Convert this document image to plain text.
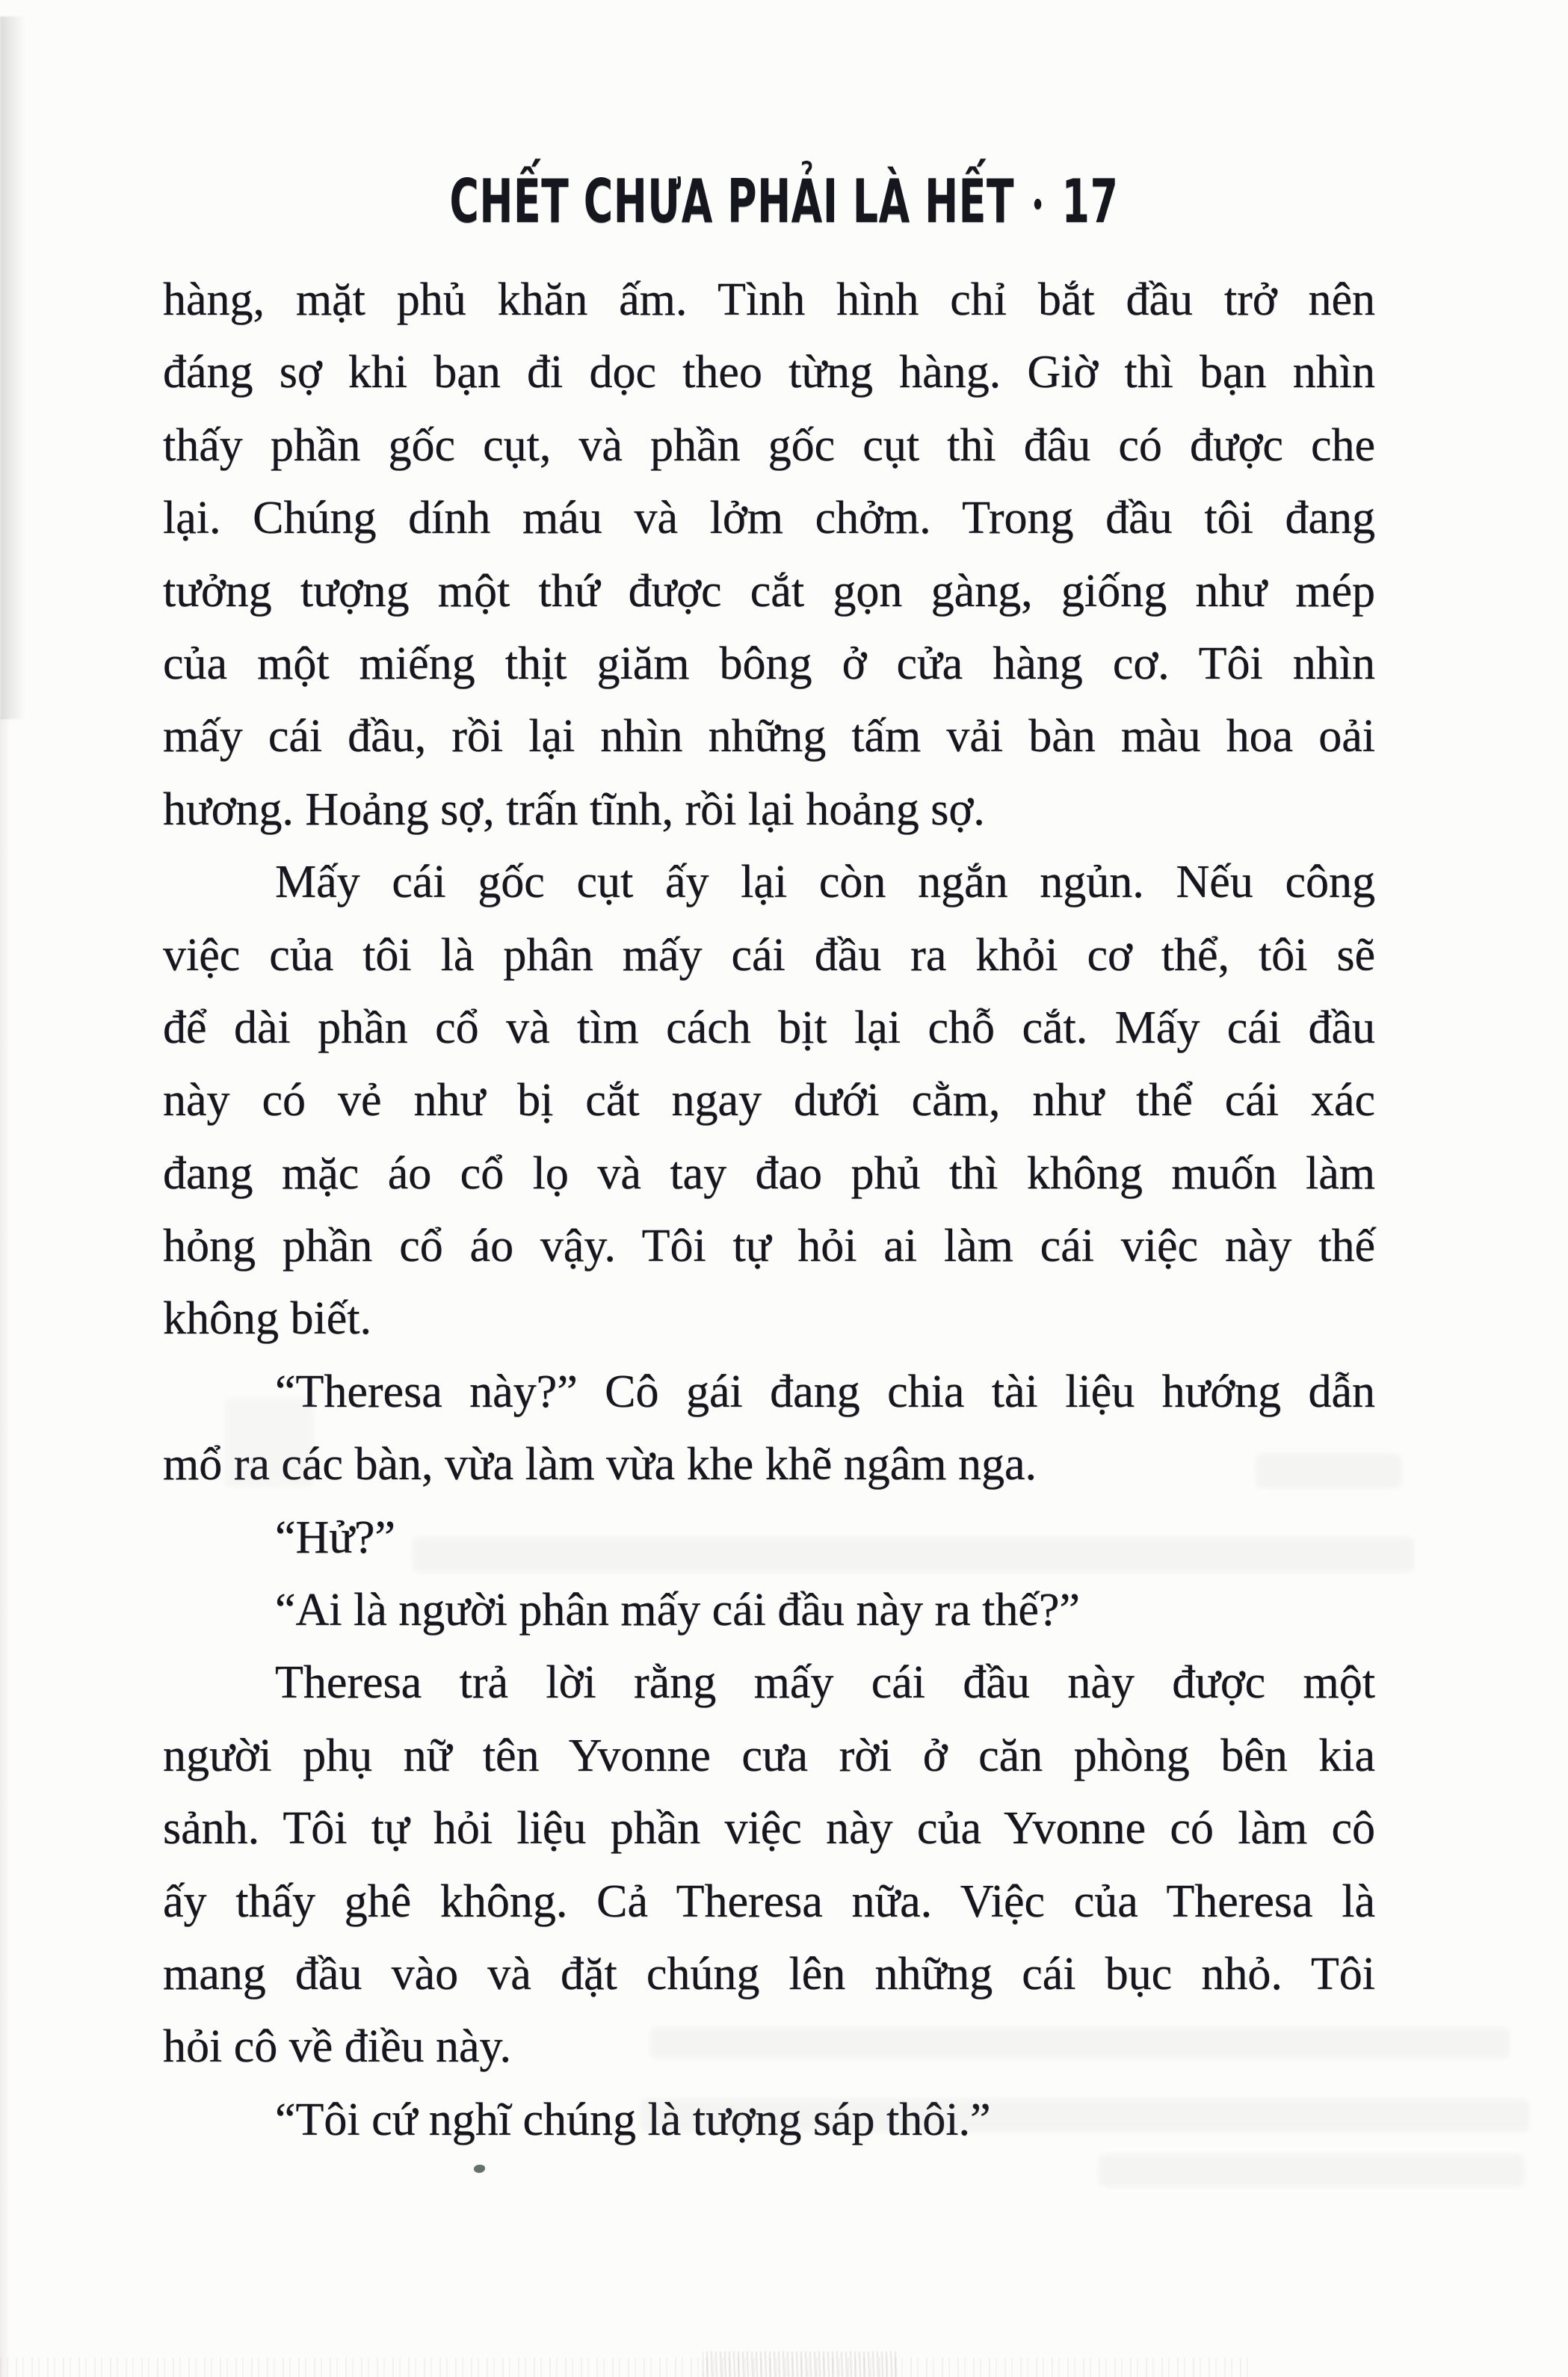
CHẾT CHƯA PHẢI LÀ HẾT • 17
hàng, mặt phủ khăn ấm. Tình hình chỉ bắt đầu trở nên
đáng sợ khi bạn đi dọc theo từng hàng. Giờ thì bạn nhìn
thấy phần gốc cụt, và phần gốc cụt thì đâu có được che
lại. Chúng dính máu và lởm chởm. Trong đầu tôi đang
tưởng tượng một thứ được cắt gọn gàng, giống như mép
của một miếng thịt giăm bông ở cửa hàng cơ. Tôi nhìn
mấy cái đầu, rồi lại nhìn những tấm vải bàn màu hoa oải
hương. Hoảng sợ, trấn tĩnh, rồi lại hoảng sợ.
Mấy cái gốc cụt ấy lại còn ngắn ngủn. Nếu công
việc của tôi là phân mấy cái đầu ra khỏi cơ thể, tôi sẽ
để dài phần cổ và tìm cách bịt lại chỗ cắt. Mấy cái đầu
này có vẻ như bị cắt ngay dưới cằm, như thể cái xác
đang mặc áo cổ lọ và tay đao phủ thì không muốn làm
hỏng phần cổ áo vậy. Tôi tự hỏi ai làm cái việc này thế
không biết.
“Theresa này?” Cô gái đang chia tài liệu hướng dẫn
mổ ra các bàn, vừa làm vừa khe khẽ ngâm nga.
“Hử?”
“Ai là người phân mấy cái đầu này ra thế?”
Theresa trả lời rằng mấy cái đầu này được một
người phụ nữ tên Yvonne cưa rời ở căn phòng bên kia
sảnh. Tôi tự hỏi liệu phần việc này của Yvonne có làm cô
ấy thấy ghê không. Cả Theresa nữa. Việc của Theresa là
mang đầu vào và đặt chúng lên những cái bục nhỏ. Tôi
hỏi cô về điều này.
“Tôi cứ nghĩ chúng là tượng sáp thôi.”
